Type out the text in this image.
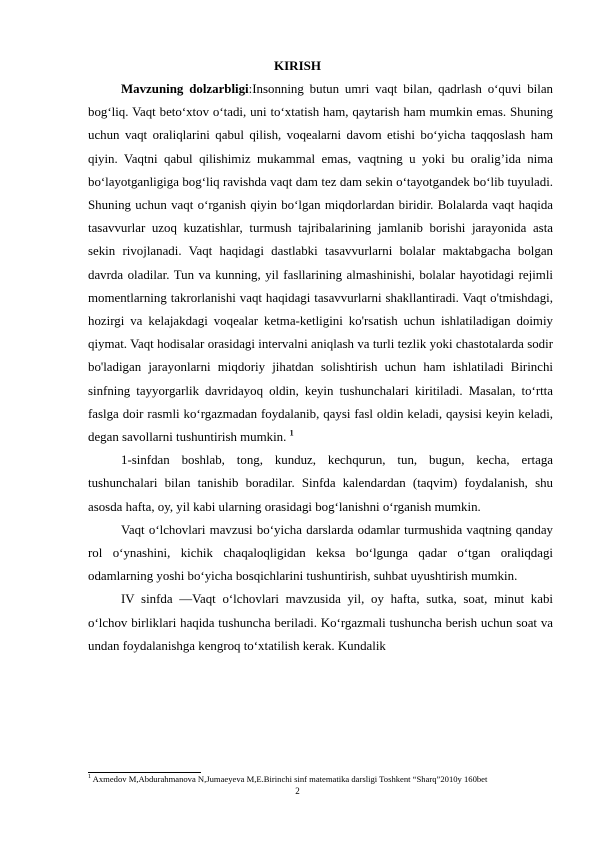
KIRISH

Mavzuning dolzarbligi:Insonning butun umri vaqt bilan, qadrlash o‘quvi bilan bog‘liq. Vaqt beto‘xtov o‘tadi, uni to‘xtatish ham, qaytarish ham mumkin emas. Shuning uchun vaqt oraliqlarini qabul qilish, voqealarni davom etishi bo‘yicha taqqoslash ham qiyin. Vaqtni qabul qilishimiz mukammal emas, vaqtning u yoki bu oralig’ida nima bo‘layotganligiga bog‘liq ravishda vaqt dam tez dam sekin o‘tayotgandek bo‘lib tuyuladi. Shuning uchun vaqt o‘rganish qiyin bo‘lgan miqdorlardan biridir. Bolalarda vaqt haqida tasavvurlar uzoq kuzatishlar, turmush tajribalarining jamlanib borishi jarayonida asta sekin rivojlanadi. Vaqt haqidagi dastlabki tasavvurlarni bolalar maktabgacha bolgan davrda oladilar. Tun va kunning, yil fasllarining almashinishi, bolalar hayotidagi rejimli momentlarning takrorlanishi vaqt haqidagi tasavvurlarni shakllantiradi. Vaqt o'tmishdagi, hozirgi va kelajakdagi voqealar ketma-ketligini ko'rsatish uchun ishlatiladigan doimiy qiymat. Vaqt hodisalar orasidagi intervalni aniqlash va turli tezlik yoki chastotalarda sodir bo'ladigan jarayonlarni miqdoriy jihatdan solishtirish uchun ham ishlatiladi Birinchi sinfning tayyorgarlik davridayoq oldin, keyin tushunchalari kiritiladi. Masalan, to‘rtta faslga doir rasmli ko‘rgazmadan foydalanib, qaysi fasl oldin keladi, qaysisi keyin keladi, degan savollarni tushuntirish mumkin. $^1$

1-sinfdan boshlab, tong, kunduz, kechqurun, tun, bugun, kecha, ertaga tushunchalari bilan tanishib boradilar. Sinfda kalendardan (taqvim) foydalanish, shu asosda hafta, oy, yil kabi ularning orasidagi bog‘lanishni o‘rganish mumkin.

Vaqt o‘lchovlari mavzusi bo‘yicha darslarda odamlar turmushida vaqtning qanday rol o‘ynashini, kichik chaqaloqligidan keksa bo‘lgunga qadar o‘tgan oraliqdagi odamlarning yoshi bo‘yicha bosqichlarini tushuntirish, suhbat uyushtirish mumkin.

IV sinfda —Vaqt o‘lchovlari mavzusida yil, oy hafta, sutka, soat, minut kabi o‘lchov birliklari haqida tushuncha beriladi. Ko‘rgazmali tushuncha berish uchun soat va undan foydalanishga kengroq to‘xtatilish kerak. Kundalik

$^1$ Axmedov M,Abdurahmanova N,Jumaeyeva M,E.Birinchi sinf matematika darsligi Toshkent “Sharq”2010y 160bet
2
